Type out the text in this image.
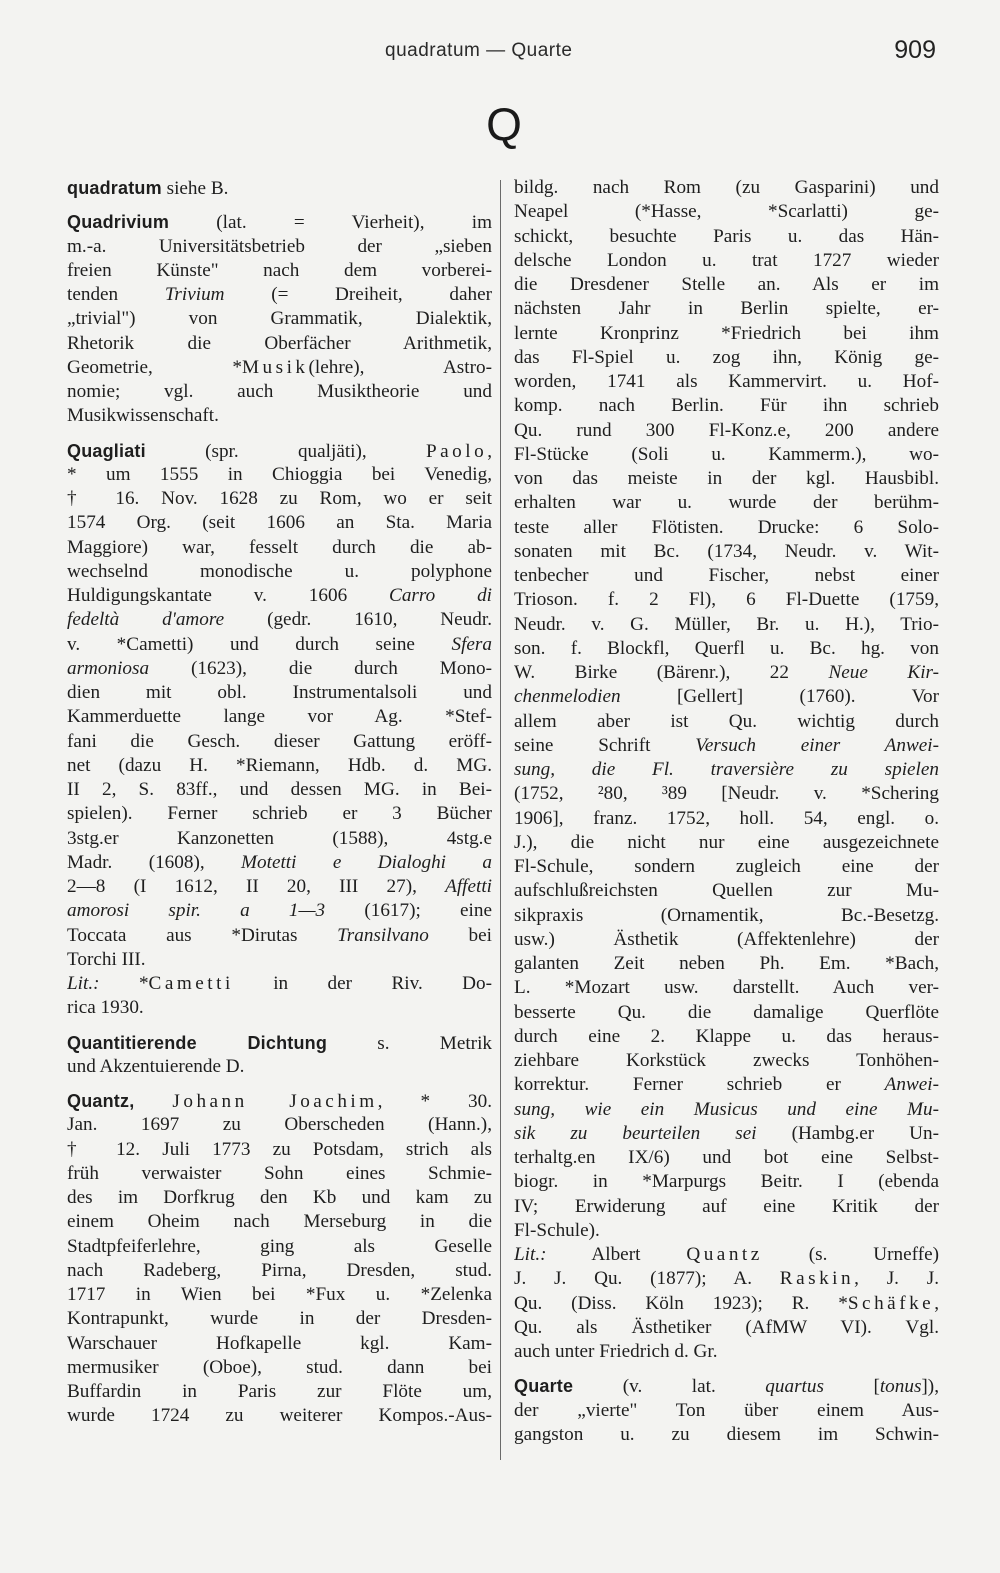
quadratum — Quarte	909
Q
quadratum siehe B.
Quadrivium (lat. = Vierheit), im
m.-a. Universitätsbetrieb der „sieben
freien Künste" nach dem vorberei-
tenden Trivium (= Dreiheit, daher
„trivial") von Grammatik, Dialektik,
Rhetorik die Oberfächer Arithmetik,
Geometrie, *Musik(lehre), Astro-
nomie; vgl. auch Musiktheorie und
Musikwissenschaft.
Quagliati (spr. qualjäti), Paolo,
* um 1555 in Chioggia bei Venedig,
† 16. Nov. 1628 zu Rom, wo er seit
1574 Org. (seit 1606 an Sta. Maria
Maggiore) war, fesselt durch die ab-
wechselnd monodische u. polyphone
Huldigungskantate v. 1606 Carro di
fedeltà d'amore (gedr. 1610, Neudr.
v. *Cametti) und durch seine Sfera
armoniosa (1623), die durch Mono-
dien mit obl. Instrumentalsoli und
Kammerduette lange vor Ag. *Stef-
fani die Gesch. dieser Gattung eröff-
net (dazu H. *Riemann, Hdb. d. MG.
II 2, S. 83ff., und dessen MG. in Bei-
spielen). Ferner schrieb er 3 Bücher
3stg.er Kanzonetten (1588), 4stg.e
Madr. (1608), Motetti e Dialoghi a
2—8 (I 1612, II 20, III 27), Affetti
amorosi spir. a 1—3 (1617); eine
Toccata aus *Dirutas Transilvano bei
Torchi III.
Lit.: *Cametti in der Riv. Do-
rica 1930.
Quantitierende Dichtung s. Metrik
und Akzentuierende D.
Quantz, Johann Joachim, * 30.
Jan. 1697 zu Oberscheden (Hann.),
† 12. Juli 1773 zu Potsdam, strich als
früh verwaister Sohn eines Schmie-
des im Dorfkrug den Kb und kam zu
einem Oheim nach Merseburg in die
Stadtpfeiferlehre, ging als Geselle
nach Radeberg, Pirna, Dresden, stud.
1717 in Wien bei *Fux u. *Zelenka
Kontrapunkt, wurde in der Dresden-
Warschauer Hofkapelle kgl. Kam-
mermusiker (Oboe), stud. dann bei
Buffardin in Paris zur Flöte um,
wurde 1724 zu weiterer Kompos.-Aus-
bildg. nach Rom (zu Gasparini) und
Neapel (*Hasse, *Scarlatti) ge-
schickt, besuchte Paris u. das Hän-
delsche London u. trat 1727 wieder
die Dresdener Stelle an. Als er im
nächsten Jahr in Berlin spielte, er-
lernte Kronprinz *Friedrich bei ihm
das Fl-Spiel u. zog ihn, König ge-
worden, 1741 als Kammervirt. u. Hof-
komp. nach Berlin. Für ihn schrieb
Qu. rund 300 Fl-Konz.e, 200 andere
Fl-Stücke (Soli u. Kammerm.), wo-
von das meiste in der kgl. Hausbibl.
erhalten war u. wurde der berühm-
teste aller Flötisten. Drucke: 6 Solo-
sonaten mit Bc. (1734, Neudr. v. Wit-
tenbecher und Fischer, nebst einer
Trioson. f. 2 Fl), 6 Fl-Duette (1759,
Neudr. v. G. Müller, Br. u. H.), Trio-
son. f. Blockfl, Querfl u. Bc. hg. von
W. Birke (Bärenr.), 22 Neue Kir-
chenmelodien [Gellert] (1760). Vor
allem aber ist Qu. wichtig durch
seine Schrift Versuch einer Anwei-
sung, die Fl. traversière zu spielen
(1752, ²80, ³89 [Neudr. v. *Schering
1906], franz. 1752, holl. 54, engl. o.
J.), die nicht nur eine ausgezeichnete
Fl-Schule, sondern zugleich eine der
aufschlußreichsten Quellen zur Mu-
sikpraxis (Ornamentik, Bc.-Besetzg.
usw.) Ästhetik (Affektenlehre) der
galanten Zeit neben Ph. Em. *Bach,
L. *Mozart usw. darstellt. Auch ver-
besserte Qu. die damalige Querflöte
durch eine 2. Klappe u. das heraus-
ziehbare Korkstück zwecks Tonhöhen-
korrektur. Ferner schrieb er Anwei-
sung, wie ein Musicus und eine Mu-
sik zu beurteilen sei (Hambg.er Un-
terhaltg.en IX/6) und bot eine Selbst-
biogr. in *Marpurgs Beitr. I (ebenda
IV; Erwiderung auf eine Kritik der
Fl-Schule).
Lit.: Albert Quantz (s. Urneffe)
J. J. Qu. (1877); A. Raskin, J. J.
Qu. (Diss. Köln 1923); R. *Schäfke,
Qu. als Ästhetiker (AfMW VI). Vgl.
auch unter Friedrich d. Gr.
Quarte (v. lat. quartus [tonus]),
der „vierte" Ton über einem Aus-
gangston u. zu diesem im Schwin-
